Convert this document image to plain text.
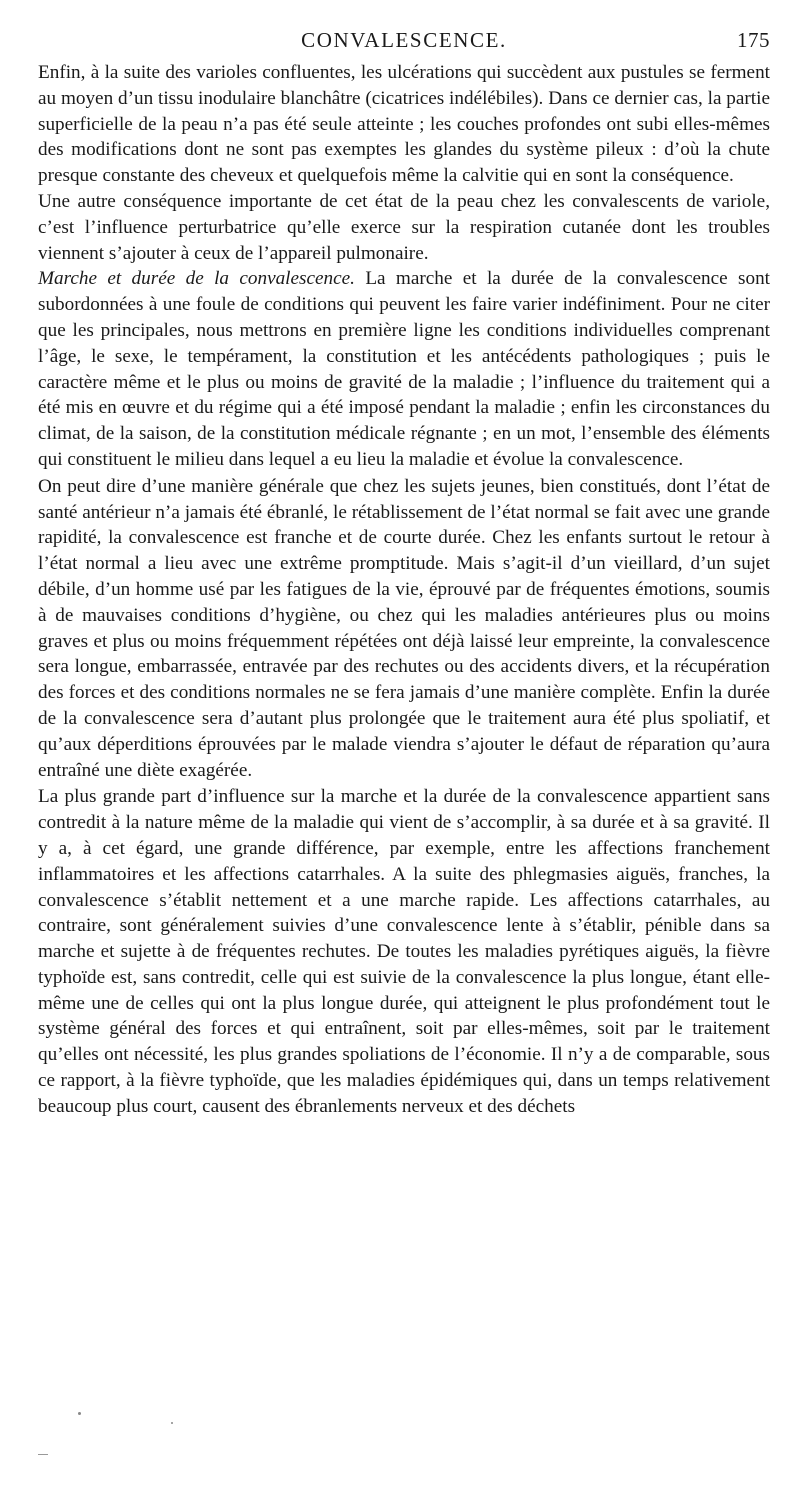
CONVALESCENCE.	175

Enfin, à la suite des varioles confluentes, les ulcérations qui succèdent aux pustules se ferment au moyen d’un tissu inodulaire blanchâtre (cicatrices indélébiles). Dans ce dernier cas, la partie superficielle de la peau n’a pas été seule atteinte ; les couches profondes ont subi elles-mêmes des modifications dont ne sont pas exemptes les glandes du système pileux : d’où la chute presque constante des cheveux et quelquefois même la calvitie qui en sont la conséquence.

Une autre conséquence importante de cet état de la peau chez les convalescents de variole, c’est l’influence perturbatrice qu’elle exerce sur la respiration cutanée dont les troubles viennent s’ajouter à ceux de l’appareil pulmonaire.

Marche et durée de la convalescence. La marche et la durée de la convalescence sont subordonnées à une foule de conditions qui peuvent les faire varier indéfiniment. Pour ne citer que les principales, nous mettrons en première ligne les conditions individuelles comprenant l’âge, le sexe, le tempérament, la constitution et les antécédents pathologiques ; puis le caractère même et le plus ou moins de gravité de la maladie ; l’influence du traitement qui a été mis en œuvre et du régime qui a été imposé pendant la maladie ; enfin les circonstances du climat, de la saison, de la constitution médicale régnante ; en un mot, l’ensemble des éléments qui constituent le milieu dans lequel a eu lieu la maladie et évolue la convalescence.

On peut dire d’une manière générale que chez les sujets jeunes, bien constitués, dont l’état de santé antérieur n’a jamais été ébranlé, le rétablissement de l’état normal se fait avec une grande rapidité, la convalescence est franche et de courte durée. Chez les enfants surtout le retour à l’état normal a lieu avec une extrême promptitude. Mais s’agit-il d’un vieillard, d’un sujet débile, d’un homme usé par les fatigues de la vie, éprouvé par de fréquentes émotions, soumis à de mauvaises conditions d’hygiène, ou chez qui les maladies antérieures plus ou moins graves et plus ou moins fréquemment répétées ont déjà laissé leur empreinte, la convalescence sera longue, embarrassée, entravée par des rechutes ou des accidents divers, et la récupération des forces et des conditions normales ne se fera jamais d’une manière complète. Enfin la durée de la convalescence sera d’autant plus prolongée que le traitement aura été plus spoliatif, et qu’aux déperditions éprouvées par le malade viendra s’ajouter le défaut de réparation qu’aura entraîné une diète exagérée.

La plus grande part d’influence sur la marche et la durée de la convalescence appartient sans contredit à la nature même de la maladie qui vient de s’accomplir, à sa durée et à sa gravité. Il y a, à cet égard, une grande différence, par exemple, entre les affections franchement inflammatoires et les affections catarrhales. A la suite des phlegmasies aiguës, franches, la convalescence s’établit nettement et a une marche rapide. Les affections catarrhales, au contraire, sont généralement suivies d’une convalescence lente à s’établir, pénible dans sa marche et sujette à de fréquentes rechutes. De toutes les maladies pyrétiques aiguës, la fièvre typhoïde est, sans contredit, celle qui est suivie de la convalescence la plus longue, étant elle-même une de celles qui ont la plus longue durée, qui atteignent le plus profondément tout le système général des forces et qui entraînent, soit par elles-mêmes, soit par le traitement qu’elles ont nécessité, les plus grandes spoliations de l’économie. Il n’y a de comparable, sous ce rapport, à la fièvre typhoïde, que les maladies épidémiques qui, dans un temps relativement beaucoup plus court, causent des ébranlements nerveux et des déchets
